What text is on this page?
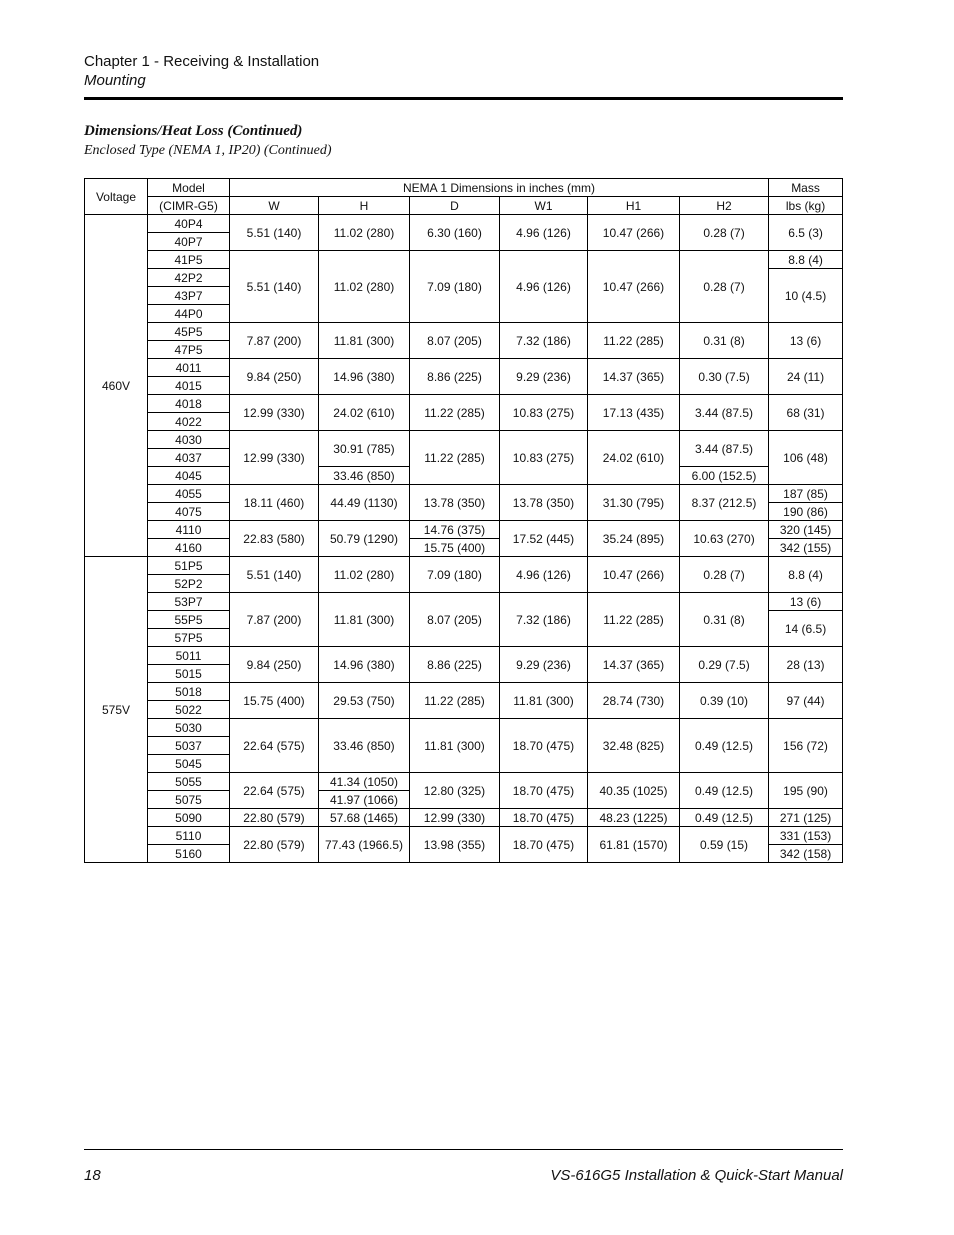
Chapter 1 - Receiving & Installation
Mounting
Dimensions/Heat Loss (Continued)
Enclosed Type (NEMA 1, IP20) (Continued)
Voltage	Model	NEMA 1 Dimensions in inches (mm)						Mass
	(CIMR-G5)	W	H	D	W1	H1	H2	lbs (kg)
460V	40P4	5.51 (140)	11.02 (280)	6.30 (160)	4.96 (126)	10.47 (266)	0.28 (7)	6.5 (3)
	40P7							
	41P5	5.51 (140)	11.02 (280)	7.09 (180)	4.96 (126)	10.47 (266)	0.28 (7)	8.8 (4)
	42P2							10 (4.5)
	43P7							
	44P0							
	45P5	7.87 (200)	11.81 (300)	8.07 (205)	7.32 (186)	11.22 (285)	0.31 (8)	13 (6)
	47P5							
	4011	9.84 (250)	14.96 (380)	8.86 (225)	9.29 (236)	14.37 (365)	0.30 (7.5)	24 (11)
	4015							
	4018	12.99 (330)	24.02 (610)	11.22 (285)	10.83 (275)	17.13 (435)	3.44 (87.5)	68 (31)
	4022							
	4030	12.99 (330)	30.91 (785)	11.22 (285)	10.83 (275)	24.02 (610)	3.44 (87.5)	106 (48)
	4037							
	4045		33.46 (850)				6.00 (152.5)	
	4055	18.11 (460)	44.49 (1130)	13.78 (350)	13.78 (350)	31.30 (795)	8.37 (212.5)	187 (85)
	4075							190 (86)
	4110	22.83 (580)	50.79 (1290)	14.76 (375)	17.52 (445)	35.24 (895)	10.63 (270)	320 (145)
	4160			15.75 (400)				342 (155)
575V	51P5	5.51 (140)	11.02 (280)	7.09 (180)	4.96 (126)	10.47 (266)	0.28 (7)	8.8 (4)
	52P2							
	53P7	7.87 (200)	11.81 (300)	8.07 (205)	7.32 (186)	11.22 (285)	0.31 (8)	13 (6)
	55P5							14 (6.5)
	57P5							
	5011	9.84 (250)	14.96 (380)	8.86 (225)	9.29 (236)	14.37 (365)	0.29 (7.5)	28 (13)
	5015							
	5018	15.75 (400)	29.53 (750)	11.22 (285)	11.81 (300)	28.74 (730)	0.39 (10)	97 (44)
	5022							
	5030	22.64 (575)	33.46 (850)	11.81 (300)	18.70 (475)	32.48 (825)	0.49 (12.5)	156 (72)
	5037							
	5045							
	5055	22.64 (575)	41.34 (1050)	12.80 (325)	18.70 (475)	40.35 (1025)	0.49 (12.5)	195 (90)
	5075		41.97 (1066)					
	5090	22.80 (579)	57.68 (1465)	12.99 (330)	18.70 (475)	48.23 (1225)	0.49 (12.5)	271 (125)
	5110	22.80 (579)	77.43 (1966.5)	13.98 (355)	18.70 (475)	61.81 (1570)	0.59 (15)	331 (153)
	5160							342 (158)
18	VS-616G5 Installation & Quick-Start Manual
